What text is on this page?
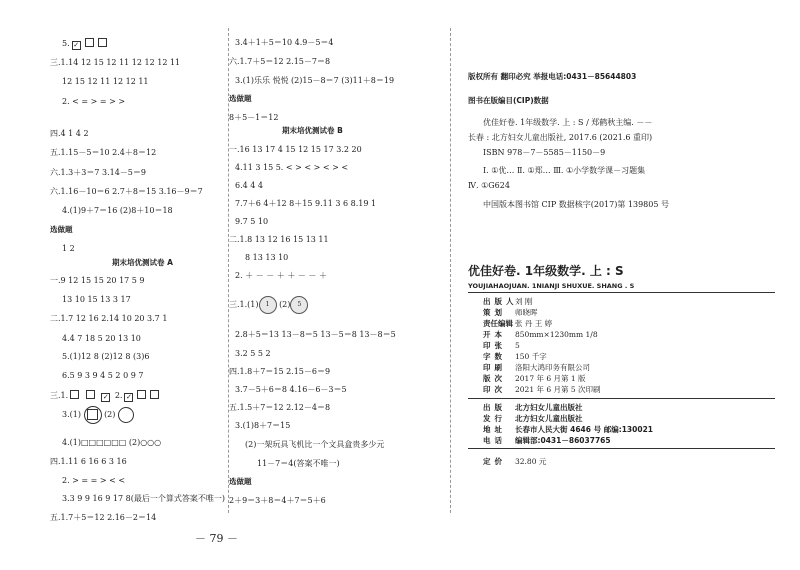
5. ✓
三.1.14 12 15 12 11 12 12 12 11
12 15 12 11 12 12 11
2. < = > = > >
四.4 1 4 2
五.1.15－5＝10 2.4＋8＝12
六.1.3＋3＝7 3.14－5＝9
六.1.16－10＝6 2.7＋8＝15 3.16－9＝7
4.(1)9＋7＝16 (2)8＋10＝18
选做题
1 2
期末培优测试卷 A
一.9 12 15 15 20 17 5 9
13 10 15 13 3 17
二.1.7 12 16 2.14 10 20 3.7 1
4.4 7 18 5 20 13 10
5.(1)12 8 (2)12 8 (3)6
6.5 9 3 9 4 5 2 0 9 7
三.1.	✓ 2. ✓
3.(1)	(2)
4.(1)□□□□□□ (2)○○○
四.1.11 6 16 6 3 16
2. > = = > < <
3.3 9 9 16 9 17 8(最后一个算式答案不唯一)
五.1.7＋5＝12 2.16－2＝14
－ 79 －
3.4＋1＋5＝10 4.9－5＝4
六.1.7＋5＝12 2.15－7＝8
3.(1)乐乐 悦悦 (2)15－8＝7 (3)11＋8＝19
选做题
8＋5－1＝12
期末培优测试卷 B
一.16 13 17 4 15 12 15 17 3.2 20
4.11 3 15 5. < > < > < > <
6.4 4 4
7.7＋6 4＋12 8＋15 9.11 3 6 8.19 1
9.7 5 10
二.1.8 13 12 16 15 13 11
8 13 13 10
2. ＋ － － ＋ ＋ － － ＋
三.1.(1) 1 (2) 5
2.8＋5＝13 13－8＝5 13－5＝8 13－8＝5
3.2 5 5 2
四.1.8＋7＝15 2.15－6＝9
3.7－5＋6＝8 4.16－6－3＝5
五.1.5＋7＝12 2.12－4＝8
3.(1)8＋7＝15
(2)一架玩具飞机比一个文具盒贵多少元
11－7＝4(答案不唯一)
选做题
2＋9＝3＋8＝4＋7＝5＋6
版权所有 翻印必究 举报电话:0431－85644803
图书在版编目(CIP)数据
优佳好卷. 1年级数学. 上 : S / 郑鹤秋主编. －－
长春 : 北方妇女儿童出版社, 2017.6 (2021.6 重印)
ISBN 978－7－5585－1150－9
Ⅰ. ①优… Ⅱ. ①郑… Ⅲ. ①小学数学课－习题集
Ⅳ. ①G624
中国版本图书馆 CIP 数据核字(2017)第 139805 号
优佳好卷. 1年级数学. 上 : S
YOUJIAHAOJUAN. 1NIANJI SHUXUE. SHANG . S
出版人刘 刚
策划 师晓晖
责任编辑 张 丹 王 婷
开本 850mm×1230mm 1/8
印张 5
字数 150 千字
印刷 洛阳大鸿印务有限公司
版次 2017 年 6 月第 1 版
印次 2021 年 6 月第 5 次印刷
出版 北方妇女儿童出版社
发行 北方妇女儿童出版社
地址 长春市人民大街 4646 号 邮编:130021
电话 编辑部:0431－86037765
定价 32.80 元
